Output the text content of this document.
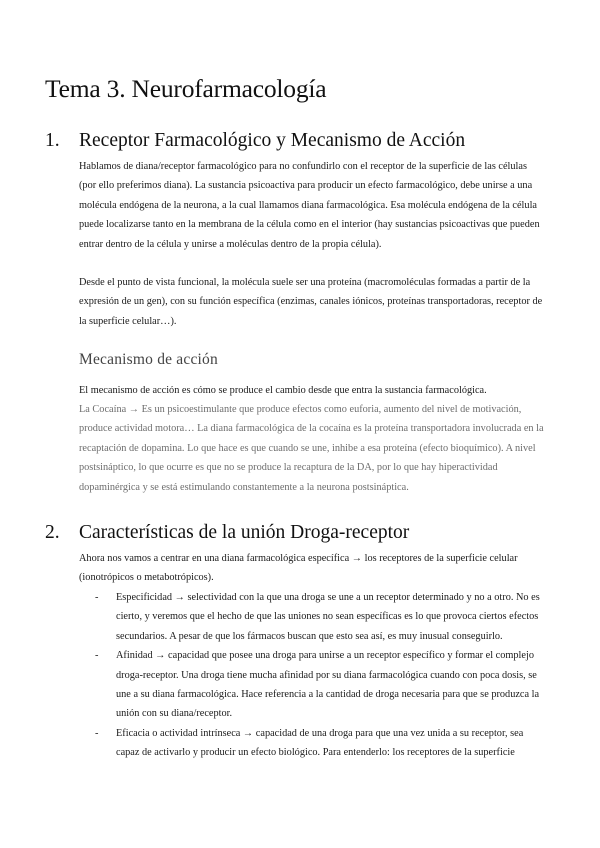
Tema 3. Neurofarmacología
1. Receptor Farmacológico y Mecanismo de Acción

Hablamos de diana/receptor farmacológico para no confundirlo con el receptor de la superficie de las células (por ello preferimos diana). La sustancia psicoactiva para producir un efecto farmacológico, debe unirse a una molécula endógena de la neurona, a la cual llamamos diana farmacológica. Esa molécula endógena de la célula puede localizarse tanto en la membrana de la célula como en el interior (hay sustancias psicoactivas que pueden entrar dentro de la célula y unirse a moléculas dentro de la propia célula).

Desde el punto de vista funcional, la molécula suele ser una proteína (macromoléculas formadas a partir de la expresión de un gen), con su función específica (enzimas, canales iónicos, proteínas transportadoras, receptor de la superficie celular…).

Mecanismo de acción

El mecanismo de acción es cómo se produce el cambio desde que entra la sustancia farmacológica.

La Cocaína → Es un psicoestimulante que produce efectos como euforia, aumento del nivel de motivación, produce actividad motora… La diana farmacológica de la cocaína es la proteína transportadora involucrada en la recaptación de dopamina. Lo que hace es que cuando se une, inhibe a esa proteína (efecto bioquímico). A nivel postsináptico, lo que ocurre es que no se produce la recaptura de la DA, por lo que hay hiperactividad dopaminérgica y se está estimulando constantemente a la neurona postsináptica.

2. Características de la unión Droga-receptor

Ahora nos vamos a centrar en una diana farmacológica específica → los receptores de la superficie celular (ionotrópicos o metabotrópicos).

- Especificidad → selectividad con la que una droga se une a un receptor determinado y no a otro. No es cierto, y veremos que el hecho de que las uniones no sean específicas es lo que provoca ciertos efectos secundarios. A pesar de que los fármacos buscan que esto sea así, es muy inusual conseguirlo.
- Afinidad → capacidad que posee una droga para unirse a un receptor específico y formar el complejo droga-receptor. Una droga tiene mucha afinidad por su diana farmacológica cuando con poca dosis, se une a su diana farmacológica. Hace referencia a la cantidad de droga necesaria para que se produzca la unión con su diana/receptor.
- Eficacia o actividad intrínseca → capacidad de una droga para que una vez unida a su receptor, sea capaz de activarlo y producir un efecto biológico. Para entenderlo: los receptores de la superficie
